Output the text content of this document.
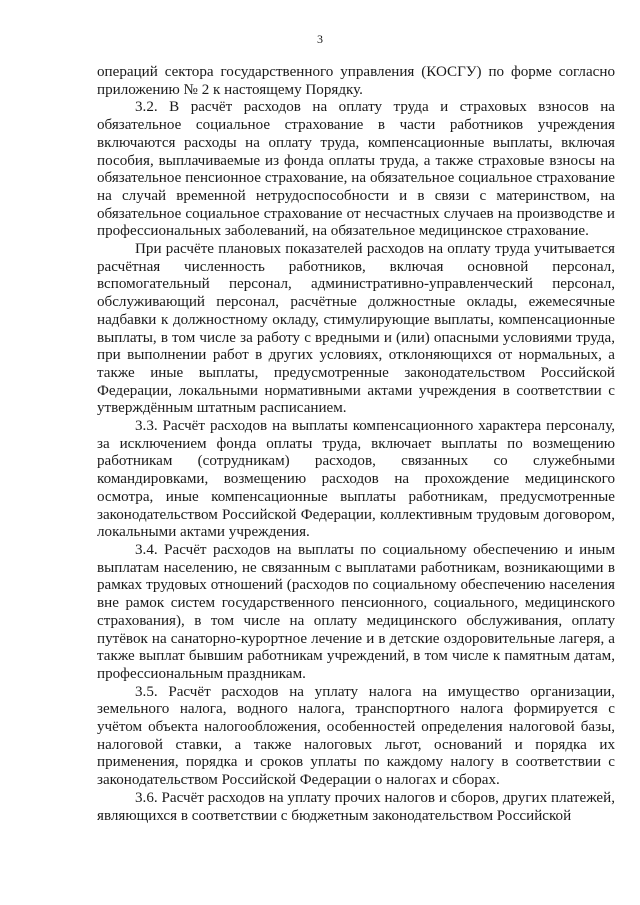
3

операций сектора государственного управления (КОСГУ) по форме согласно приложению № 2 к настоящему Порядку.

3.2. В расчёт расходов на оплату труда и страховых взносов на обязательное социальное страхование в части работников учреждения включаются расходы на оплату труда, компенсационные выплаты, включая пособия, выплачиваемые из фонда оплаты труда, а также страховые взносы на обязательное пенсионное страхование, на обязательное социальное страхование на случай временной нетрудоспособности и в связи с материнством, на обязательное социальное страхование от несчастных случаев на производстве и профессиональных заболеваний, на обязательное медицинское страхование.

При расчёте плановых показателей расходов на оплату труда учитывается расчётная численность работников, включая основной персонал, вспомогательный персонал, административно-управленческий персонал, обслуживающий персонал, расчётные должностные оклады, ежемесячные надбавки к должностному окладу, стимулирующие выплаты, компенсационные выплаты, в том числе за работу с вредными и (или) опасными условиями труда, при выполнении работ в других условиях, отклоняющихся от нормальных, а также иные выплаты, предусмотренные законодательством Российской Федерации, локальными нормативными актами учреждения в соответствии с утверждённым штатным расписанием.

3.3. Расчёт расходов на выплаты компенсационного характера персоналу, за исключением фонда оплаты труда, включает выплаты по возмещению работникам (сотрудникам) расходов, связанных со служебными командировками, возмещению расходов на прохождение медицинского осмотра, иные компенсационные выплаты работникам, предусмотренные законодательством Российской Федерации, коллективным трудовым договором, локальными актами учреждения.

3.4. Расчёт расходов на выплаты по социальному обеспечению и иным выплатам населению, не связанным с выплатами работникам, возникающими в рамках трудовых отношений (расходов по социальному обеспечению населения вне рамок систем государственного пенсионного, социального, медицинского страхования), в том числе на оплату медицинского обслуживания, оплату путёвок на санаторно-курортное лечение и в детские оздоровительные лагеря, а также выплат бывшим работникам учреждений, в том числе к памятным датам, профессиональным праздникам.

3.5. Расчёт расходов на уплату налога на имущество организации, земельного налога, водного налога, транспортного налога формируется с учётом объекта налогообложения, особенностей определения налоговой базы, налоговой ставки, а также налоговых льгот, оснований и порядка их применения, порядка и сроков уплаты по каждому налогу в соответствии с законодательством Российской Федерации о налогах и сборах.

3.6. Расчёт расходов на уплату прочих налогов и сборов, других платежей, являющихся в соответствии с бюджетным законодательством Российской
